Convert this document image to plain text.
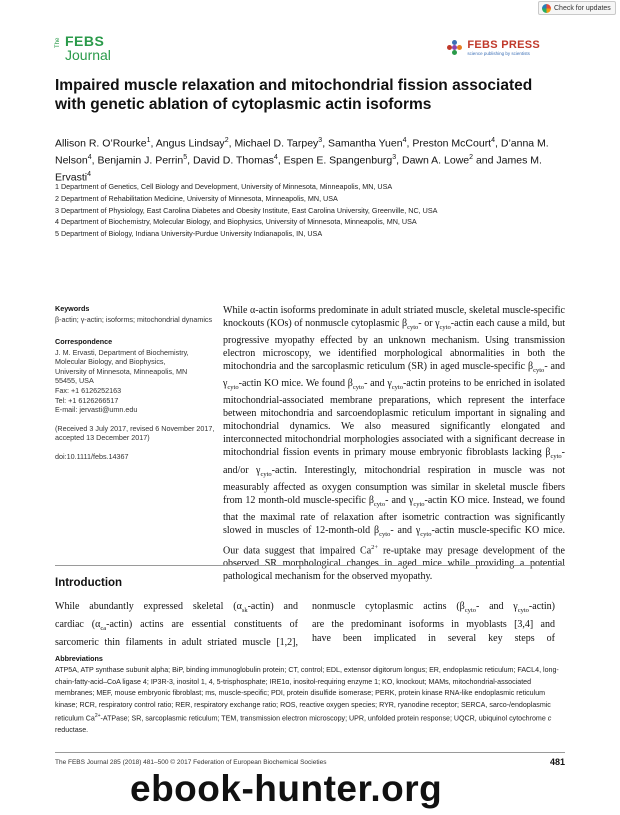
Check for updates
The FEBS
Journal
FEBS PRESS
science publishing by scientists
Impaired muscle relaxation and mitochondrial fission associated with genetic ablation of cytoplasmic actin isoforms
Allison R. O’Rourke$^1$, Angus Lindsay$^2$, Michael D. Tarpey$^3$, Samantha Yuen$^4$, Preston McCourt$^4$, D’anna M. Nelson$^4$, Benjamin J. Perrin$^5$, David D. Thomas$^4$, Espen E. Spangenburg$^3$, Dawn A. Lowe$^2$ and James M. Ervasti$^4$
1 Department of Genetics, Cell Biology and Development, University of Minnesota, Minneapolis, MN, USA
2 Department of Rehabilitation Medicine, University of Minnesota, Minneapolis, MN, USA
3 Department of Physiology, East Carolina Diabetes and Obesity Institute, East Carolina University, Greenville, NC, USA
4 Department of Biochemistry, Molecular Biology, and Biophysics, University of Minnesota, Minneapolis, MN, USA
5 Department of Biology, Indiana University-Purdue University Indianapolis, IN, USA
Keywords
β-actin; γ-actin; isoforms; mitochondrial dynamics
Correspondence
J. M. Ervasti, Department of Biochemistry,
Molecular Biology, and Biophysics,
University of Minnesota, Minneapolis, MN
55455, USA
Fax: +1 6126252163
Tel: +1 6126266517
E-mail: jervasti@umn.edu
(Received 3 July 2017, revised 6 November 2017, accepted 13 December 2017)
doi:10.1111/febs.14367

While α-actin isoforms predominate in adult striated muscle, skeletal muscle-specific knockouts (KOs) of nonmuscle cytoplasmic $\beta_{cyto}-$ or $\gamma_{cyto}$-actin each cause a mild, but progressive myopathy effected by an unknown mechanism. Using transmission electron microscopy, we identified morphological abnormalities in both the mitochondria and the sarcoplasmic reticulum (SR) in aged muscle-specific $\beta_{cyto}-$ and $\gamma_{cyto}$-actin KO mice. We found $\beta_{cyto}-$ and $\gamma_{cyto}$-actin proteins to be enriched in isolated mitochondrial-associated membrane preparations, which represent the interface between mitochondria and sarcoendoplasmic reticulum important in signaling and mitochondrial dynamics. We also measured significantly elongated and interconnected mitochondrial morphologies associated with a significant decrease in mitochondrial fission events in primary mouse embryonic fibroblasts lacking $\beta_{cyto}-$ and/or $\gamma_{cyto}$-actin. Interestingly, mitochondrial respiration in muscle was not measurably affected as oxygen consumption was similar in skeletal muscle fibers from 12 month-old muscle-specific $\beta_{cyto}-$ and $\gamma_{cyto}$-actin KO mice. Instead, we found that the maximal rate of relaxation after isometric contraction was significantly slowed in muscles of 12-month-old $\beta_{cyto}-$ and $\gamma_{cyto}$-actin muscle-specific KO mice. Our data suggest that impaired $Ca^{2+}$ re-uptake may presage development of the observed SR morphological changes in aged mice while providing a potential pathological mechanism for the observed myopathy.

Introduction
While abundantly expressed skeletal $(\alpha_{sk}-actin)$ and
cardiac $(\alpha_{ca}-actin)$ actins are essential constituents of
sarcomeric thin filaments in adult striated muscle [1,2],
nonmuscle cytoplasmic actins ($\beta_{cyto}-$ and $\gamma_{cyto}-actin$)
are the predominant isoforms in myoblasts [3,4] and
have been implicated in several key steps of
Abbreviations
ATP5A, ATP synthase subunit alpha; BiP, binding immunoglobulin protein; CT, control; EDL, extensor digitorum longus; ER, endoplasmic reticulum; FACL4, long-chain-fatty-acid–CoA ligase 4; IP3R-3, inositol 1, 4, 5-trisphosphate; IRE1α, inositol-requiring enzyme 1; KO, knockout; MAMs, mitochondrial-associated membranes; MEF, mouse embryonic fibroblast; ms, muscle-specific; PDI, protein disulfide isomerase; PERK, protein kinase RNA-like endoplasmic reticulum kinase; RCR, respiratory control ratio; RER, respiratory exchange ratio; ROS, reactive oxygen species; RYR, ryanodine receptor; SERCA, sarco-/endoplasmic reticulum $Ca^{2+}$-ATPase; SR, sarcoplasmic reticulum; TEM, transmission electron microscopy; UPR, unfolded protein response; UQCR, ubiquinol cytochrome c reductase.
The FEBS Journal 285 (2018) 481–500 © 2017 Federation of European Biochemical Societies	481
ebook-hunter.org
